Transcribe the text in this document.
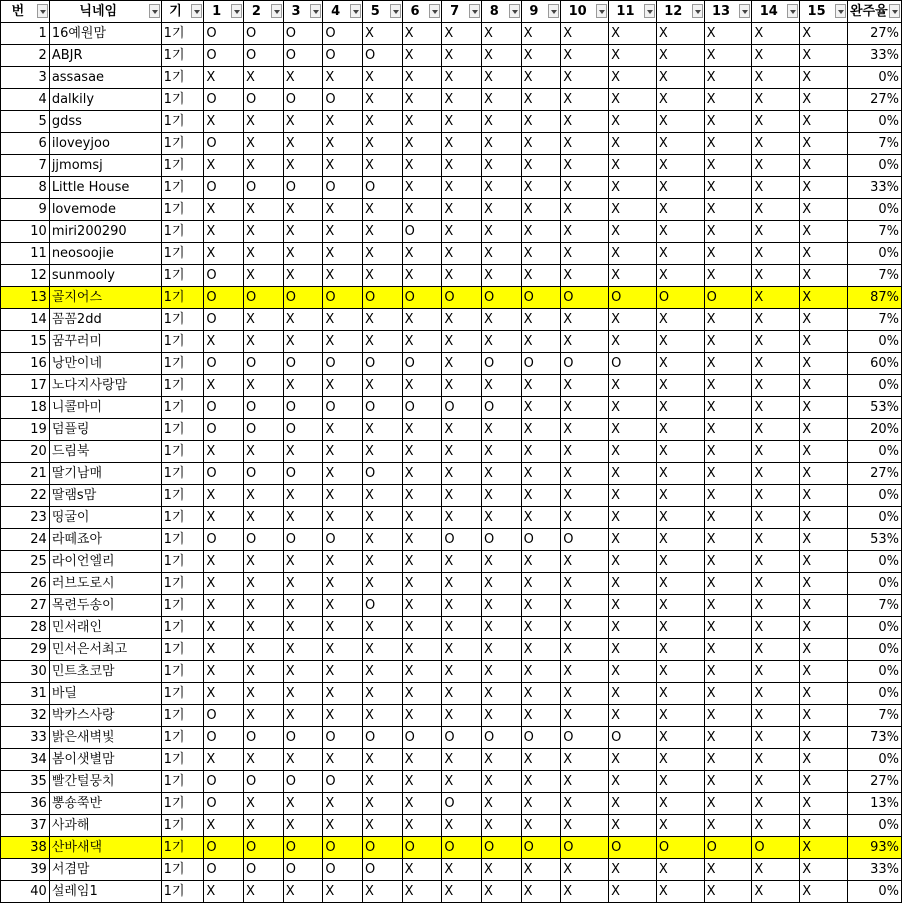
번	닉네임	기	1	2	3	4	5	6	7	8	9	10	11	12	13	14	15	완주율

1	16예원맘	1기	O	O	O	O	X	X	X	X	X	X	X	X	X	X	X	27%
2	ABJR	1기	O	O	O	O	O	X	X	X	X	X	X	X	X	X	X	33%
3	assasae	1기	X	X	X	X	X	X	X	X	X	X	X	X	X	X	X	0%
4	dalkily	1기	O	O	O	O	X	X	X	X	X	X	X	X	X	X	X	27%
5	gdss	1기	X	X	X	X	X	X	X	X	X	X	X	X	X	X	X	0%
6	iloveyjoo	1기	O	X	X	X	X	X	X	X	X	X	X	X	X	X	X	7%
7	jjmomsj	1기	X	X	X	X	X	X	X	X	X	X	X	X	X	X	X	0%
8	Little House	1기	O	O	O	O	O	X	X	X	X	X	X	X	X	X	X	33%
9	lovemode	1기	X	X	X	X	X	X	X	X	X	X	X	X	X	X	X	0%
10	miri200290	1기	X	X	X	X	X	O	X	X	X	X	X	X	X	X	X	7%
11	neosoojie	1기	X	X	X	X	X	X	X	X	X	X	X	X	X	X	X	0%
12	sunmooly	1기	O	X	X	X	X	X	X	X	X	X	X	X	X	X	X	7%
13	골지어스	1기	O	O	O	O	O	O	O	O	O	O	O	O	O	X	X	87%
14	꼼꼼2dd	1기	O	X	X	X	X	X	X	X	X	X	X	X	X	X	X	7%
15	꿈꾸러미	1기	X	X	X	X	X	X	X	X	X	X	X	X	X	X	X	0%
16	낭만이네	1기	O	O	O	O	O	O	X	O	O	O	O	X	X	X	X	60%
17	노다지사랑맘	1기	X	X	X	X	X	X	X	X	X	X	X	X	X	X	X	0%
18	니콜마미	1기	O	O	O	O	O	O	O	O	X	X	X	X	X	X	X	53%
19	덤플링	1기	O	O	O	X	X	X	X	X	X	X	X	X	X	X	X	20%
20	드림북	1기	X	X	X	X	X	X	X	X	X	X	X	X	X	X	X	0%
21	딸기남매	1기	O	O	O	X	O	X	X	X	X	X	X	X	X	X	X	27%
22	딸램s맘	1기	X	X	X	X	X	X	X	X	X	X	X	X	X	X	X	0%
23	띵굴이	1기	X	X	X	X	X	X	X	X	X	X	X	X	X	X	X	0%
24	라떼죠아	1기	O	O	O	O	X	X	O	O	O	O	X	X	X	X	X	53%
25	라이언엘리	1기	X	X	X	X	X	X	X	X	X	X	X	X	X	X	X	0%
26	러브도로시	1기	X	X	X	X	X	X	X	X	X	X	X	X	X	X	X	0%
27	목련두송이	1기	X	X	X	X	O	X	X	X	X	X	X	X	X	X	X	7%
28	민서래인	1기	X	X	X	X	X	X	X	X	X	X	X	X	X	X	X	0%
29	민서은서최고	1기	X	X	X	X	X	X	X	X	X	X	X	X	X	X	X	0%
30	민트초코맘	1기	X	X	X	X	X	X	X	X	X	X	X	X	X	X	X	0%
31	바딜	1기	X	X	X	X	X	X	X	X	X	X	X	X	X	X	X	0%
32	박카스사랑	1기	O	X	X	X	X	X	X	X	X	X	X	X	X	X	X	7%
33	밝은새벽빛	1기	O	O	O	O	O	O	O	O	O	O	O	X	X	X	X	73%
34	봄이샛별맘	1기	X	X	X	X	X	X	X	X	X	X	X	X	X	X	X	0%
35	빨간털뭉치	1기	O	O	O	O	X	X	X	X	X	X	X	X	X	X	X	27%
36	뽕숑쭉반	1기	O	X	X	X	X	X	O	X	X	X	X	X	X	X	X	13%
37	사과해	1기	X	X	X	X	X	X	X	X	X	X	X	X	X	X	X	0%
38	산바새댁	1기	O	O	O	O	O	O	O	O	O	O	O	O	O	O	X	93%
39	서겸맘	1기	O	O	O	O	O	X	X	X	X	X	X	X	X	X	X	33%
40	설레임1	1기	X	X	X	X	X	X	X	X	X	X	X	X	X	X	X	0%
